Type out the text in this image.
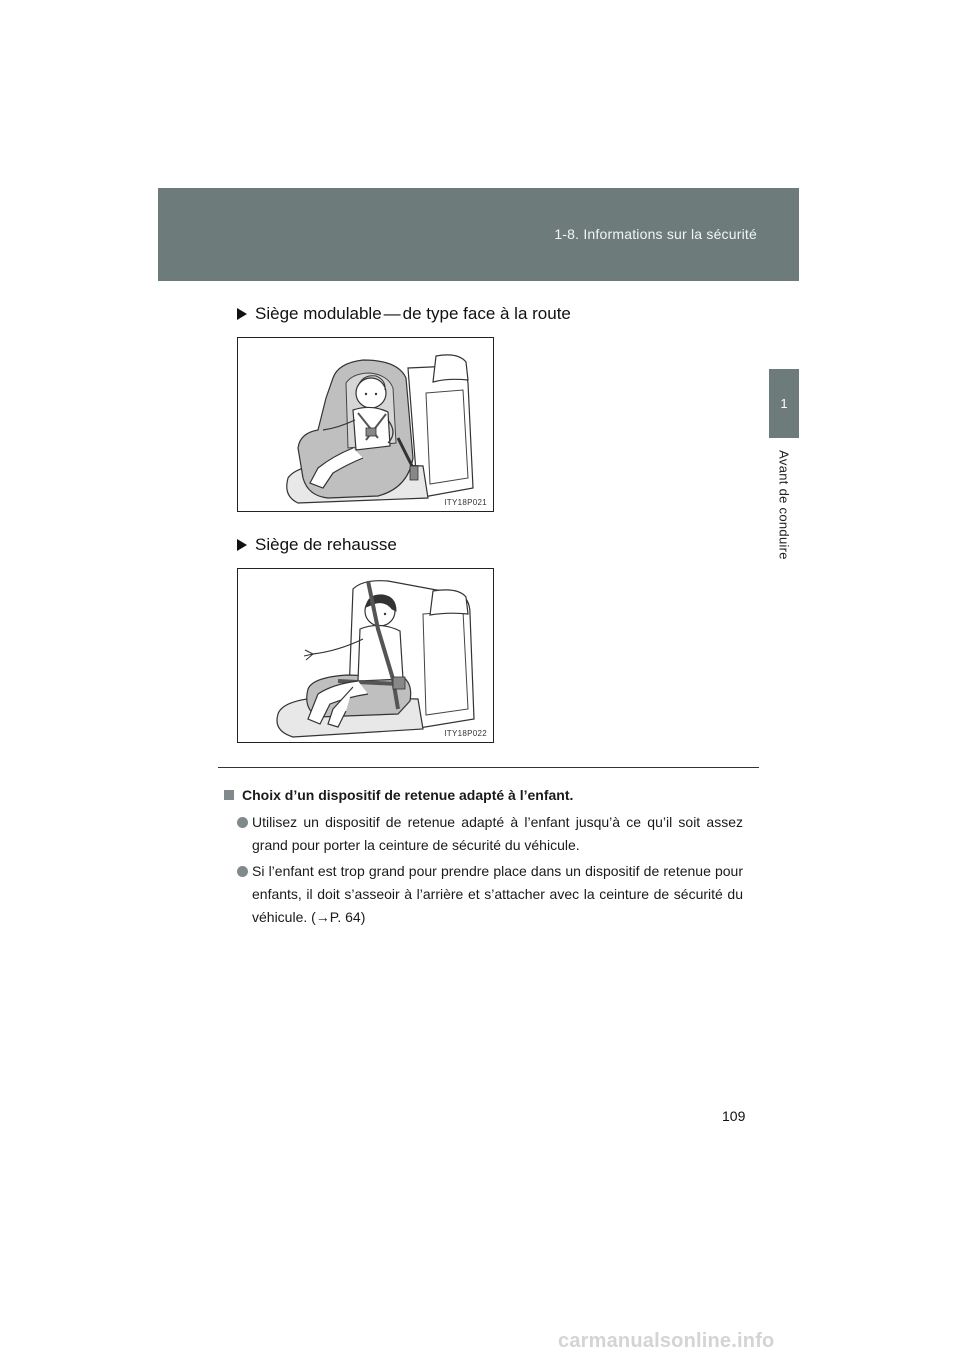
1-8. Informations sur la sécurité
1
Avant de conduire
Siège modulable — de type face à la route
ITY18P021
Siège de rehausse
ITY18P022
Choix d’un dispositif de retenue adapté à l’enfant.
Utilisez un dispositif de retenue adapté à l’enfant jusqu’à ce qu’il soit assez grand pour porter la ceinture de sécurité du véhicule.
Si l’enfant est trop grand pour prendre place dans un dispositif de retenue pour enfants, il doit s’asseoir à l’arrière et s’attacher avec la ceinture de sécurité du véhicule. (→P. 64)
109
carmanualsonline.info
